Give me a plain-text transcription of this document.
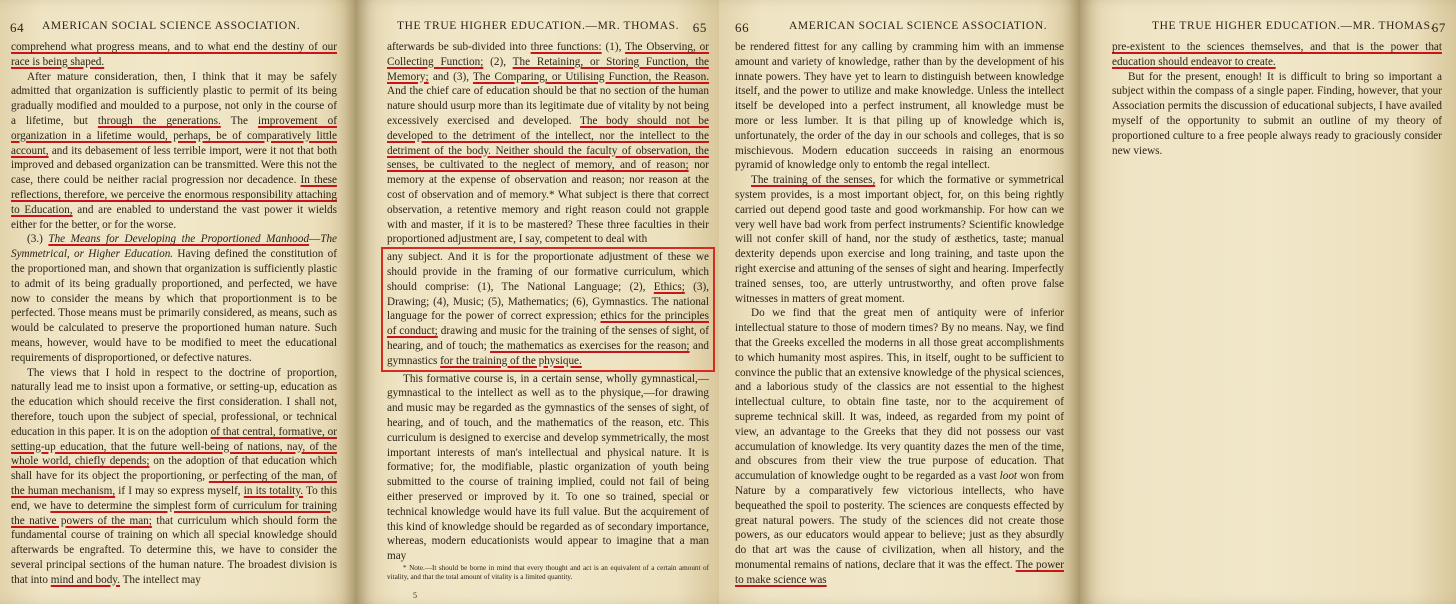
64 AMERICAN SOCIAL SCIENCE ASSOCIATION.

comprehend what progress means, and to what end the destiny of our race is being shaped.

After mature consideration, then, I think that it may be safely admitted that organization is sufficiently plastic to permit of its being gradually modified and moulded to a purpose, not only in the course of a lifetime, but through the generations. The improvement of organization in a lifetime would, perhaps, be of comparatively little account, and its debasement of less terrible import, were it not that both improved and debased organization can be transmitted. Were this not the case, there could be neither racial progression nor decadence. In these reflections, therefore, we perceive the enormous responsibility attaching to Education, and are enabled to understand the vast power it wields either for the better, or for the worse.

(3.) The Means for Developing the Proportioned Manhood—The Symmetrical, or Higher Education. Having defined the constitution of the proportioned man, and shown that organization is sufficiently plastic to admit of its being gradually proportioned, and perfected, we have now to consider the means by which that proportionment is to be perfected. Those means must be primarily considered, as means, such as would be calculated to preserve the proportioned human nature. Such means, however, would have to be modified to meet the educational requirements of disproportioned, or defective natures.

The views that I hold in respect to the doctrine of proportion, naturally lead me to insist upon a formative, or setting-up, education as the education which should receive the first consideration. I shall not, therefore, touch upon the subject of special, professional, or technical education in this paper. It is on the adoption of that central, formative, or setting-up education, that the future well-being of nations, nay, of the whole world, chiefly depends; on the adoption of that education which shall have for its object the proportioning, or perfecting of the man, of the human mechanism, if I may so express myself, in its totality. To this end, we have to determine the simplest form of curriculum for training the native powers of the man; that curriculum which should form the fundamental course of training on which all special knowledge should afterwards be engrafted. To determine this, we have to consider the several principal sections of the human nature. The broadest division is that into mind and body. The intellect may

THE TRUE HIGHER EDUCATION.—MR. THOMAS. 65

afterwards be sub-divided into three functions: (1), The Observing, or Collecting Function; (2), The Retaining, or Storing Function, the Memory; and (3), The Comparing, or Utilising Function, the Reason. And the chief care of education should be that no section of the human nature should usurp more than its legitimate due of vitality by not being excessively exercised and developed. The body should not be developed to the detriment of the intellect, nor the intellect to the detriment of the body. Neither should the faculty of observation, the senses, be cultivated to the neglect of memory, and of reason; nor memory at the expense of observation and reason; nor reason at the cost of observation and of memory.* What subject is there that correct observation, a retentive memory and right reason could not grapple with and master, if it is to be mastered? These three faculties in their proportioned adjustment are, I say, competent to deal with

any subject. And it is for the proportionate adjustment of these we should provide in the framing of our formative curriculum, which should comprise: (1), The National Language; (2), Ethics; (3), Drawing; (4), Music; (5), Mathematics; (6), Gymnastics. The national language for the power of correct expression; ethics for the principles of conduct; drawing and music for the training of the senses of sight, of hearing, and of touch; the mathematics as exercises for the reason; and gymnastics for the training of the physique.

This formative course is, in a certain sense, wholly gymnastical,—gymnastical to the intellect as well as to the physique,—for drawing and music may be regarded as the gymnastics of the senses of sight, of hearing, and of touch, and the mathematics of the reason, etc. This curriculum is designed to exercise and develop symmetrically, the most important interests of man's intellectual and physical nature. It is formative; for, the modifiable, plastic organization of youth being submitted to the course of training implied, could not fail of being either preserved or improved by it. To one so trained, special or technical knowledge would have its full value. But the acquirement of this kind of knowledge should be regarded as of secondary importance, whereas, modern educationists would appear to imagine that a man may

* Note.—It should be borne in mind that every thought and act is an equivalent of a certain amount of vitality, and that the total amount of vitality is a limited quantity.

5
66	AMERICAN SOCIAL SCIENCE ASSOCIATION.

be rendered fittest for any calling by cramming him with an immense amount and variety of knowledge, rather than by the development of his innate powers. They have yet to learn to distinguish between knowledge itself, and the power to utilize and make knowledge. Unless the intellect itself be developed into a perfect instrument, all knowledge must be more or less lumber. It is that piling up of knowledge which is, unfortunately, the order of the day in our schools and colleges, that is so mischievous. Modern education succeeds in raising an enormous pyramid of knowledge only to entomb the regal intellect.

The training of the senses, for which the formative or symmetrical system provides, is a most important object, for, on this being rightly carried out depend good taste and good workmanship. For how can we very well have bad work from perfect instruments? Scientific knowledge will not confer skill of hand, nor the study of æsthetics, taste; manual dexterity depends upon exercise and long training, and taste upon the right exercise and attuning of the senses of sight and hearing. Imperfectly trained senses, too, are utterly untrustworthy, and often prove false witnesses in matters of great moment.

Do we find that the great men of antiquity were of inferior intellectual stature to those of modern times? By no means. Nay, we find that the Greeks excelled the moderns in all those great accomplishments to which humanity most aspires. This, in itself, ought to be sufficient to convince the public that an extensive knowledge of the physical sciences, and a laborious study of the classics are not essential to the highest intellectual culture, to obtain fine taste, nor to the acquirement of supreme technical skill. It was, indeed, as regarded from my point of view, an advantage to the Greeks that they did not possess our vast accumulation of knowledge. Its very quantity dazes the men of the time, and obscures from their view the true purpose of education. That accumulation of knowledge ought to be regarded as a vast loot won from Nature by a comparatively few victorious intellects, who have bequeathed the spoil to posterity. The sciences are conquests effected by great natural powers. The study of the sciences did not create those powers, as our educators would appear to believe; just as they absurdly do that art was the cause of civilization, when all history, and the monumental remains of nations, declare that it was the effect. The power to make science was

THE TRUE HIGHER EDUCATION.—MR. THOMAS.
67

pre-existent to the sciences themselves, and that is the power that education should endeavor to create.

But for the present, enough! It is difficult to bring so important a subject within the compass of a single paper. Finding, however, that your Association permits the discussion of educational subjects, I have availed myself of the opportunity to submit an outline of my theory of proportioned culture to a free people always ready to graciously consider new views.
